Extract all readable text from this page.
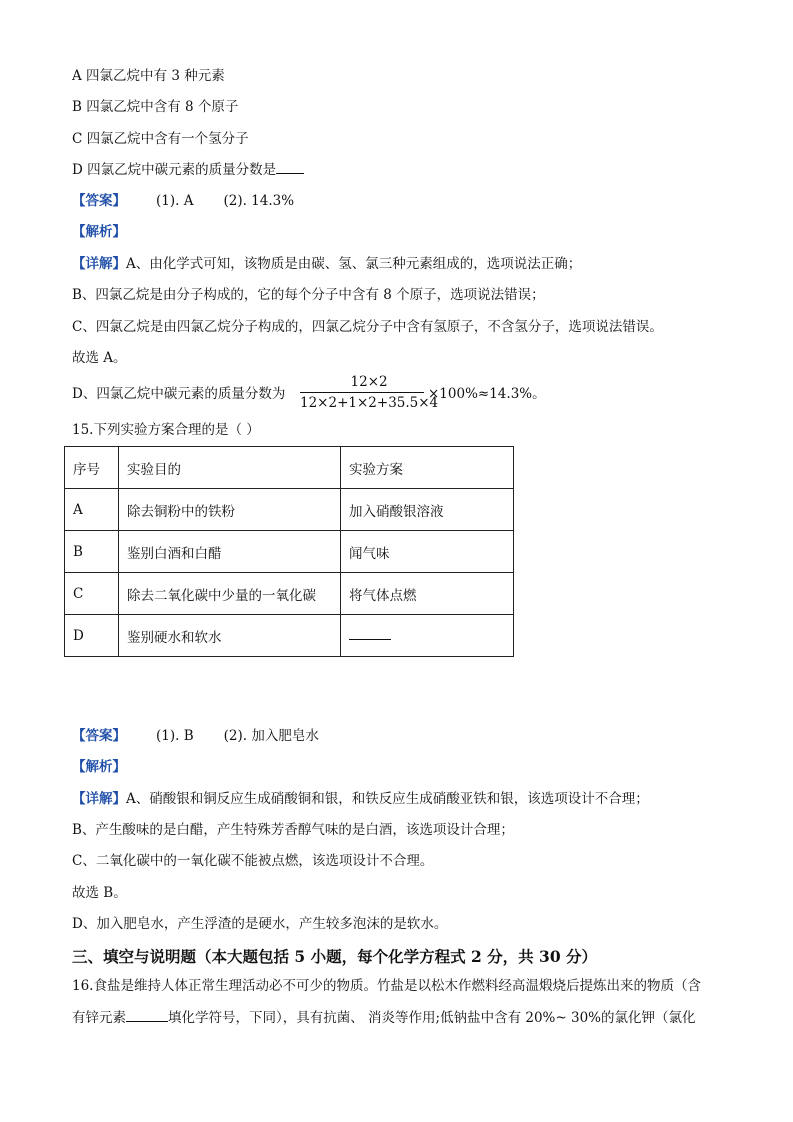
A 四氯乙烷中有 3 种元素
B 四氯乙烷中含有 8 个原子
C 四氯乙烷中含有一个氢分子
D 四氯乙烷中碳元素的质量分数是
【答案】 (1). A (2). 14.3%
【解析】
【详解】A、由化学式可知，该物质是由碳、氢、氯三种元素组成的，选项说法正确；
B、四氯乙烷是由分子构成的，它的每个分子中含有 8 个原子，选项说法错误；
C、四氯乙烷是由四氯乙烷分子构成的，四氯乙烷分子中含有氢原子，不含氢分子，选项说法错误。
故选 A。
D、四氯乙烷中碳元素的质量分数为
12×2
12×2+1×2+35.5×4
×100%≈14.3%。
15.下列实验方案合理的是（ ）
序号	实验目的	实验方案
A	除去铜粉中的铁粉	加入硝酸银溶液
B	鉴别白酒和白醋	闻气味
C	除去二氧化碳中少量的一氧化碳	将气体点燃
D	鉴别硬水和软水	
【答案】 (1). B (2). 加入肥皂水
【解析】
【详解】A、硝酸银和铜反应生成硝酸铜和银，和铁反应生成硝酸亚铁和银，该选项设计不合理；
B、产生酸味的是白醋，产生特殊芳香醇气味的是白酒，该选项设计合理；
C、二氧化碳中的一氧化碳不能被点燃，该选项设计不合理。
故选 B。
D、加入肥皂水，产生浮渣的是硬水，产生较多泡沫的是软水。
三、填空与说明题（本大题包括 5 小题，每个化学方程式 2 分，共 30 分）
16.食盐是维持人体正常生理活动必不可少的物质。竹盐是以松木作燃料经高温煅烧后提炼出来的物质（含
有锌元素	填化学符号，下同），具有抗菌、 消炎等作用;低钠盐中含有 20%~ 30%的氯化钾（氯化
